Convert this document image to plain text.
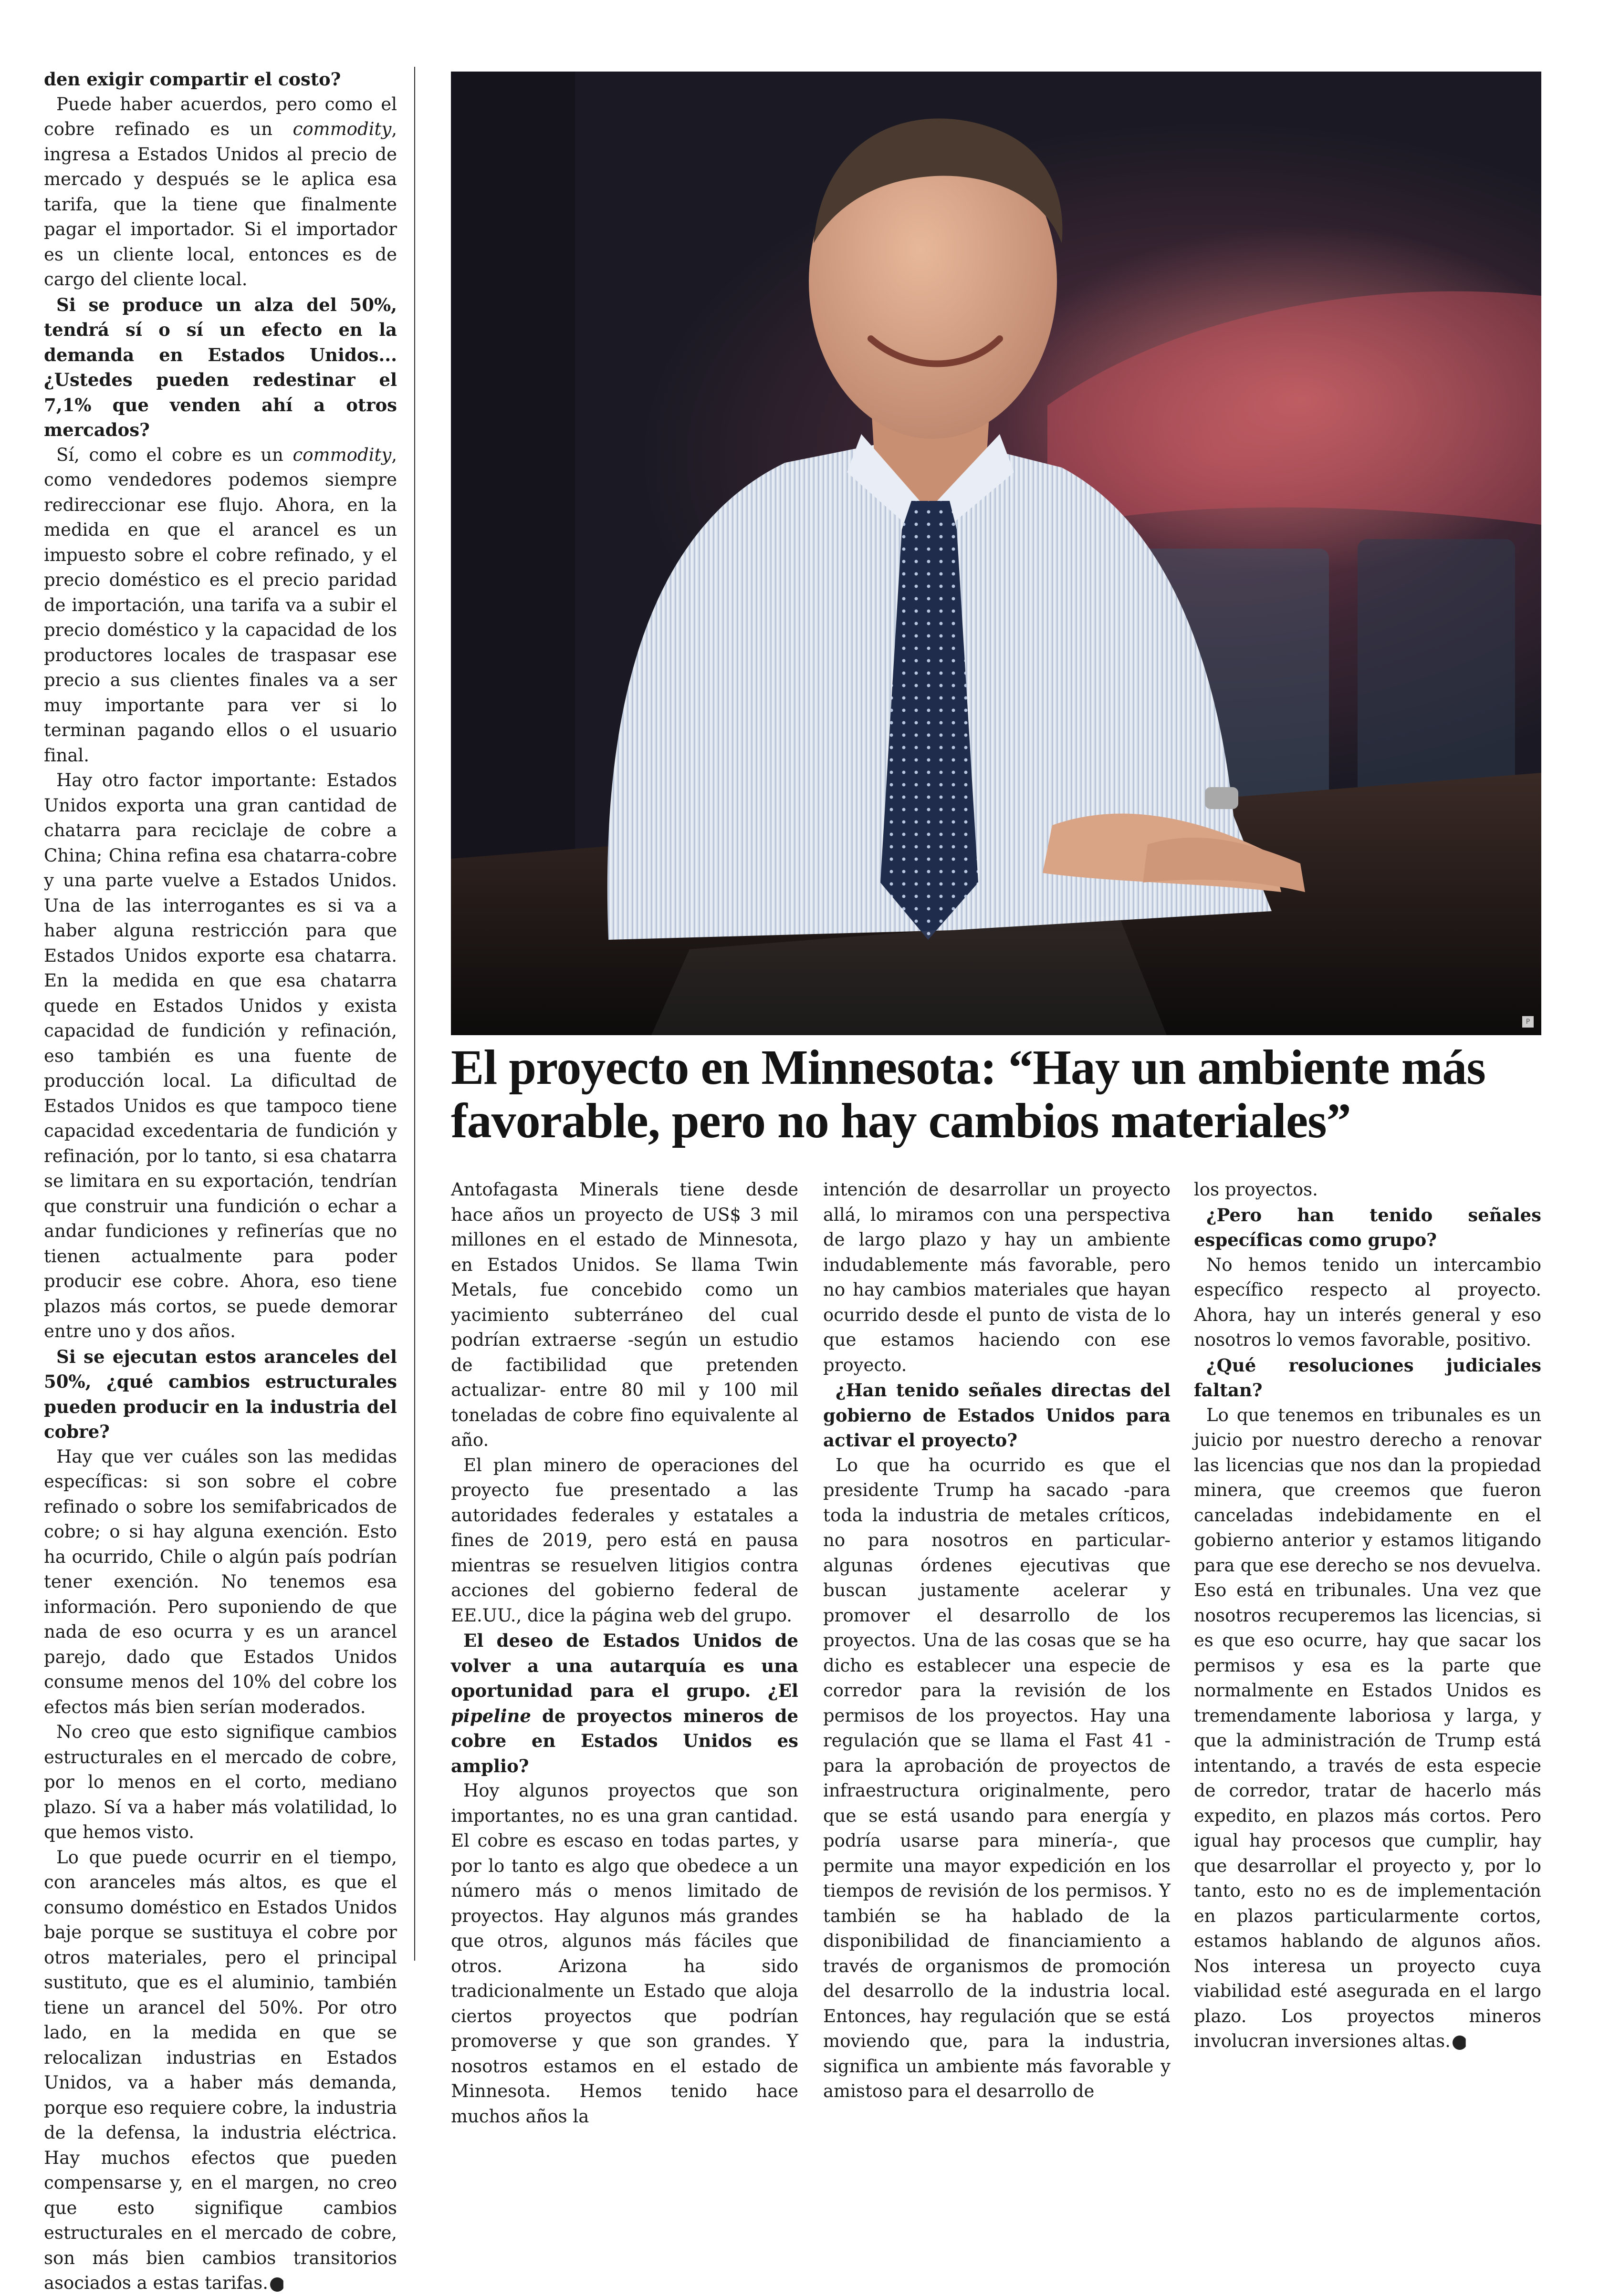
den exigir compartir el costo?

Puede haber acuerdos, pero como el cobre refinado es un commodity, ingresa a Estados Unidos al precio de mercado y después se le aplica esa tarifa, que la tiene que finalmente pagar el importador. Si el importador es un cliente local, entonces es de cargo del cliente local.

Si se produce un alza del 50%, tendrá sí o sí un efecto en la demanda en Estados Unidos... ¿Ustedes pueden redestinar el 7,1% que venden ahí a otros mercados?

Sí, como el cobre es un commodity, como vendedores podemos siempre redireccionar ese flujo. Ahora, en la medida en que el arancel es un impuesto sobre el cobre refinado, y el precio doméstico es el precio paridad de importación, una tarifa va a subir el precio doméstico y la capacidad de los productores locales de traspasar ese precio a sus clientes finales va a ser muy importante para ver si lo terminan pagando ellos o el usuario final.

Hay otro factor importante: Estados Unidos exporta una gran cantidad de chatarra para reciclaje de cobre a China; China refina esa chatarra-cobre y una parte vuelve a Estados Unidos. Una de las interrogantes es si va a haber alguna restricción para que Estados Unidos exporte esa chatarra. En la medida en que esa chatarra quede en Estados Unidos y exista capacidad de fundición y refinación, eso también es una fuente de producción local. La dificultad de Estados Unidos es que tampoco tiene capacidad excedentaria de fundición y refinación, por lo tanto, si esa chatarra se limitara en su exportación, tendrían que construir una fundición o echar a andar fundiciones y refinerías que no tienen actualmente para poder producir ese cobre. Ahora, eso tiene plazos más cortos, se puede demorar entre uno y dos años.

Si se ejecutan estos aranceles del 50%, ¿qué cambios estructurales pueden producir en la industria del cobre?

Hay que ver cuáles son las medidas específicas: si son sobre el cobre refinado o sobre los semifabricados de cobre; o si hay alguna exención. Esto ha ocurrido, Chile o algún país podrían tener exención. No tenemos esa información. Pero suponiendo de que nada de eso ocurra y es un arancel parejo, dado que Estados Unidos consume menos del 10% del cobre los efectos más bien serían moderados.

No creo que esto signifique cambios estructurales en el mercado de cobre, por lo menos en el corto, mediano plazo. Sí va a haber más volatilidad, lo que hemos visto.

Lo que puede ocurrir en el tiempo, con aranceles más altos, es que el consumo doméstico en Estados Unidos baje porque se sustituya el cobre por otros materiales, pero el principal sustituto, que es el aluminio, también tiene un arancel del 50%. Por otro lado, en la medida en que se relocalizan industrias en Estados Unidos, va a haber más demanda, porque eso requiere cobre, la industria de la defensa, la industria eléctrica. Hay muchos efectos que pueden compensarse y, en el margen, no creo que esto signifique cambios estructurales en el mercado de cobre, son más bien cambios transitorios asociados a estas tarifas. P

P
El proyecto en Minnesota: “Hay un ambiente más favorable, pero no hay cambios materiales”

Antofagasta Minerals tiene desde hace años un proyecto de US$ 3 mil millones en el estado de Minnesota, en Estados Unidos. Se llama Twin Metals, fue concebido como un yacimiento subterráneo del cual podrían extraerse -según un estudio de factibilidad que pretenden actualizar- entre 80 mil y 100 mil toneladas de cobre fino equivalente al año.

El plan minero de operaciones del proyecto fue presentado a las autoridades federales y estatales a fines de 2019, pero está en pausa mientras se resuelven litigios contra acciones del gobierno federal de EE.UU., dice la página web del grupo.

El deseo de Estados Unidos de volver a una autarquía es una oportunidad para el grupo. ¿El pipeline de proyectos mineros de cobre en Estados Unidos es amplio?

Hoy algunos proyectos que son importantes, no es una gran cantidad. El cobre es escaso en todas partes, y por lo tanto es algo que obedece a un número más o menos limitado de proyectos. Hay algunos más grandes que otros, algunos más fáciles que otros. Arizona ha sido tradicionalmente un Estado que aloja ciertos proyectos que podrían promoverse y que son grandes. Y nosotros estamos en el estado de Minnesota. Hemos tenido hace muchos años la

intención de desarrollar un proyecto allá, lo miramos con una perspectiva de largo plazo y hay un ambiente indudablemente más favorable, pero no hay cambios materiales que hayan ocurrido desde el punto de vista de lo que estamos haciendo con ese proyecto.

¿Han tenido señales directas del gobierno de Estados Unidos para activar el proyecto?

Lo que ha ocurrido es que el presidente Trump ha sacado -para toda la industria de metales críticos, no para nosotros en particular- algunas órdenes ejecutivas que buscan justamente acelerar y promover el desarrollo de los proyectos. Una de las cosas que se ha dicho es establecer una especie de corredor para la revisión de los permisos de los proyectos. Hay una regulación que se llama el Fast 41 -para la aprobación de proyectos de infraestructura originalmente, pero que se está usando para energía y podría usarse para minería-, que permite una mayor expedición en los tiempos de revisión de los permisos. Y también se ha hablado de la disponibilidad de financiamiento a través de organismos de promoción del desarrollo de la industria local. Entonces, hay regulación que se está moviendo que, para la industria, significa un ambiente más favorable y amistoso para el desarrollo de

los proyectos.

¿Pero han tenido señales específicas como grupo?

No hemos tenido un intercambio específico respecto al proyecto. Ahora, hay un interés general y eso nosotros lo vemos favorable, positivo.

¿Qué resoluciones judiciales faltan?

Lo que tenemos en tribunales es un juicio por nuestro derecho a renovar las licencias que nos dan la propiedad minera, que creemos que fueron canceladas indebidamente en el gobierno anterior y estamos litigando para que ese derecho se nos devuelva. Eso está en tribunales. Una vez que nosotros recuperemos las licencias, si es que eso ocurre, hay que sacar los permisos y esa es la parte que normalmente en Estados Unidos es tremendamente laboriosa y larga, y que la administración de Trump está intentando, a través de esta especie de corredor, tratar de hacerlo más expedito, en plazos más cortos. Pero igual hay procesos que cumplir, hay que desarrollar el proyecto y, por lo tanto, esto no es de implementación en plazos particularmente cortos, estamos hablando de algunos años. Nos interesa un proyecto cuya viabilidad esté asegurada en el largo plazo. Los proyectos mineros involucran inversiones altas. P
